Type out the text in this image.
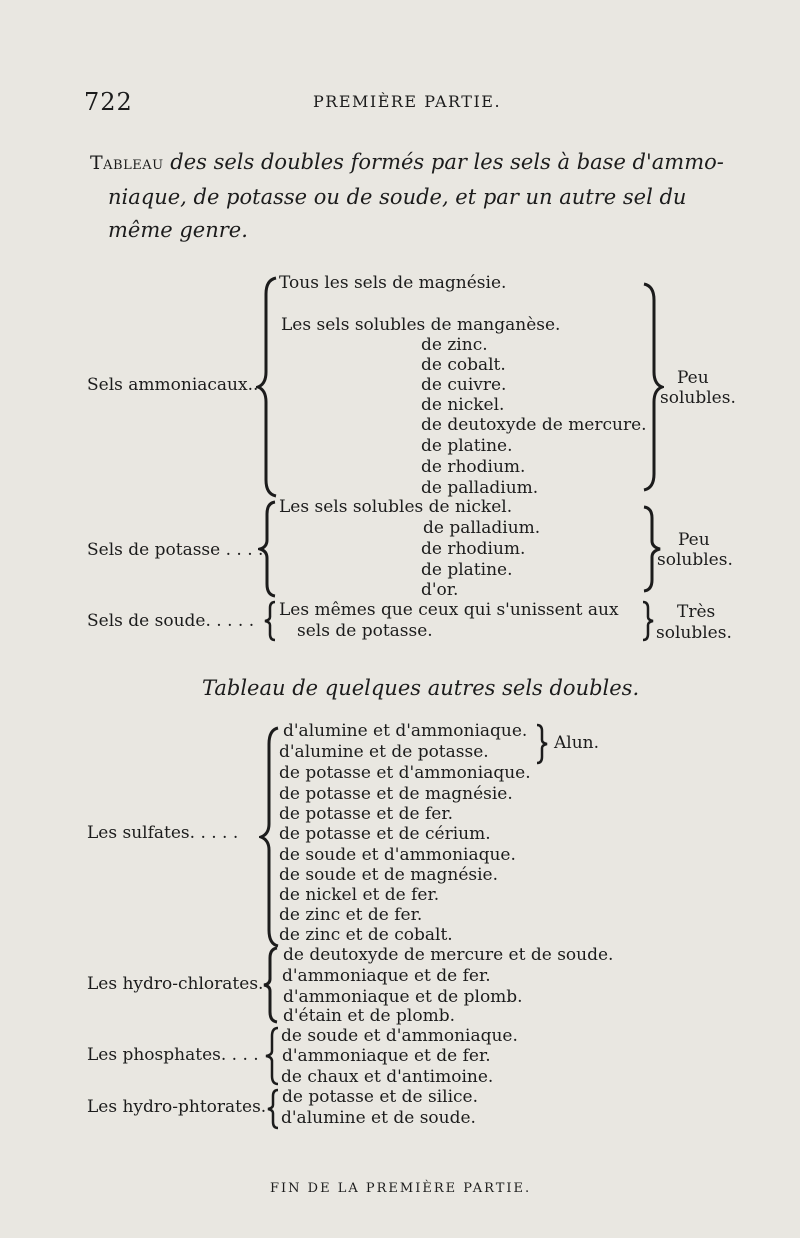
722	PREMIÈRE PARTIE.
Tableau des sels doubles formés par les sels à base d'ammo-
niaque, de potasse ou de soude, et par un autre sel du
même genre.
Sels ammoniacaux..
Tous les sels de magnésie.
Les sels solubles de manganèse.
de zinc.
de cobalt.
de cuivre.
de nickel.
de deutoxyde de mercure.
de platine.
de rhodium.
de palladium.
Peu
solubles.
Sels de potasse . . . .
Les sels solubles de nickel.
de palladium.
de rhodium.
de platine.
d'or.
Peu
solubles.
Sels de soude. . . . .
Les mêmes que ceux qui s'unissent aux
sels de potasse.
Très
solubles.
Tableau de quelques autres sels doubles.
Les sulfates. . . . .
d'alumine et d'ammoniaque.
d'alumine et de potasse.
de potasse et d'ammoniaque.
de potasse et de magnésie.
de potasse et de fer.
de potasse et de cérium.
de soude et d'ammoniaque.
de soude et de magnésie.
de nickel et de fer.
de zinc et de fer.
de zinc et de cobalt.
Alun.
Les hydro-chlorates.
de deutoxyde de mercure et de soude.
d'ammoniaque et de fer.
d'ammoniaque et de plomb.
d'étain et de plomb.
Les phosphates. . . .
de soude et d'ammoniaque.
d'ammoniaque et de fer.
de chaux et d'antimoine.
Les hydro-phtorates. de potasse et de silice.
d'alumine et de soude.
FIN DE LA PREMIÈRE PARTIE.
